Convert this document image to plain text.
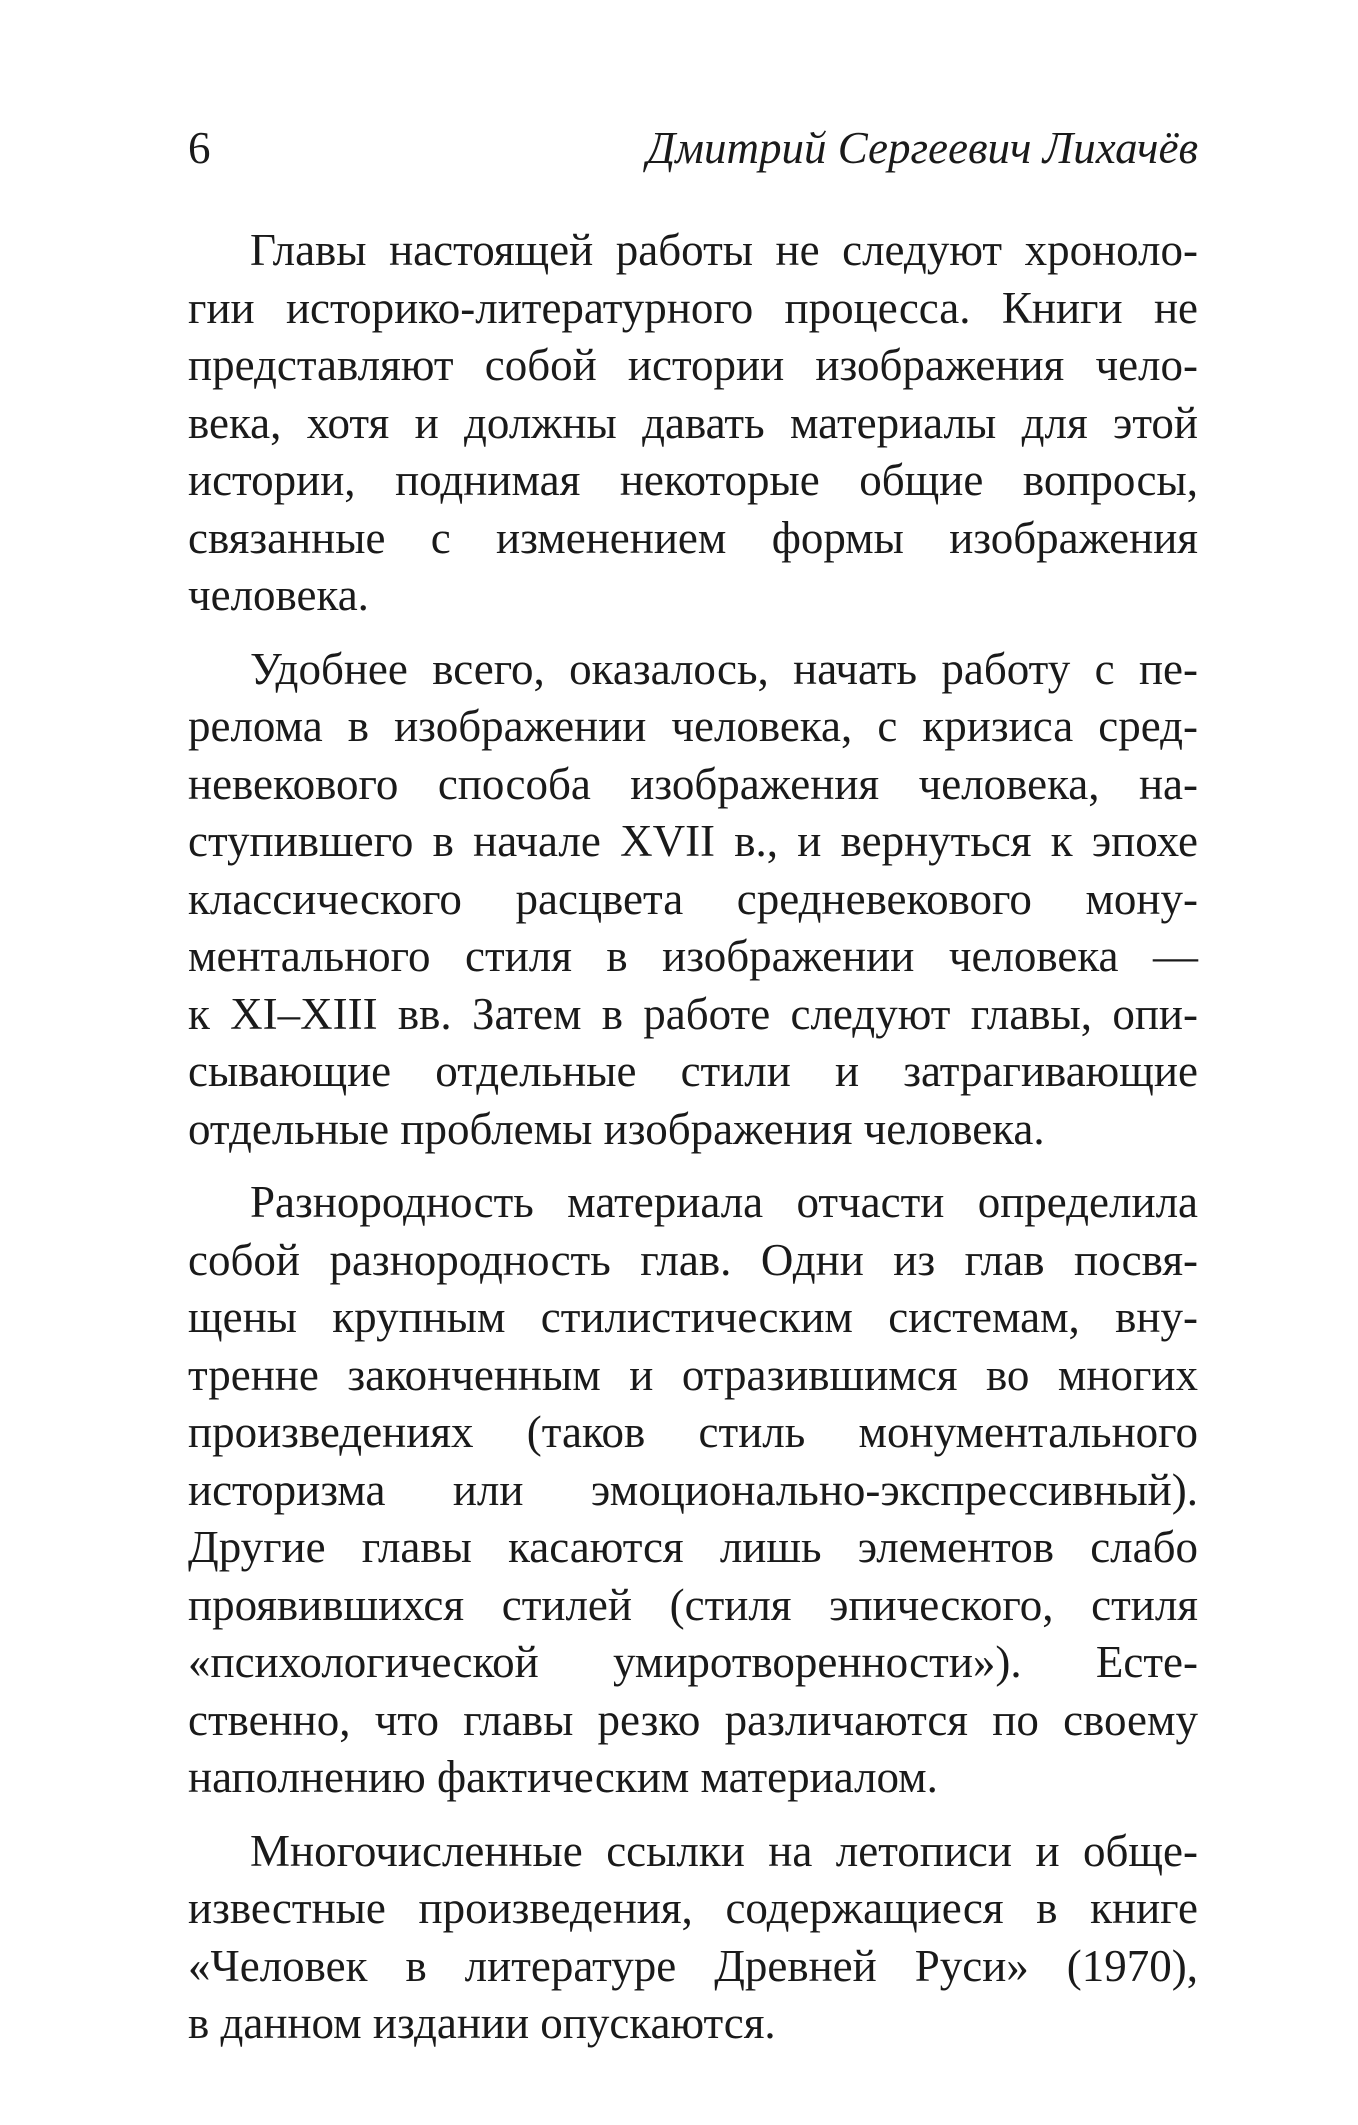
6	Дмитрий Сергеевич Лихачёв
Главы настоящей работы не следуют хроноло-
гии историко-литературного процесса. Книги не
представляют собой истории изображения чело-
века, хотя и должны давать материалы для этой
истории, поднимая некоторые общие вопросы,
связанные с изменением формы изображения
человека.
Удобнее всего, оказалось, начать работу с пе-
релома в изображении человека, с кризиса сред-
невекового способа изображения человека, на-
ступившего в начале XVII в., и вернуться к эпохе
классического расцвета средневекового мону-
ментального стиля в изображении человека —
к XI–XIII вв. Затем в работе следуют главы, опи-
сывающие отдельные стили и затрагивающие
отдельные проблемы изображения человека.
Разнородность материала отчасти определила
собой разнородность глав. Одни из глав посвя-
щены крупным стилистическим системам, вну-
тренне законченным и отразившимся во многих
произведениях (таков стиль монументального
историзма или эмоционально-экспрессивный).
Другие главы касаются лишь элементов слабо
проявившихся стилей (стиля эпического, стиля
«психологической умиротворенности»). Есте-
ственно, что главы резко различаются по своему
наполнению фактическим материалом.
Многочисленные ссылки на летописи и обще-
известные произведения, содержащиеся в книге
«Человек в литературе Древней Руси» (1970),
в данном издании опускаются.
